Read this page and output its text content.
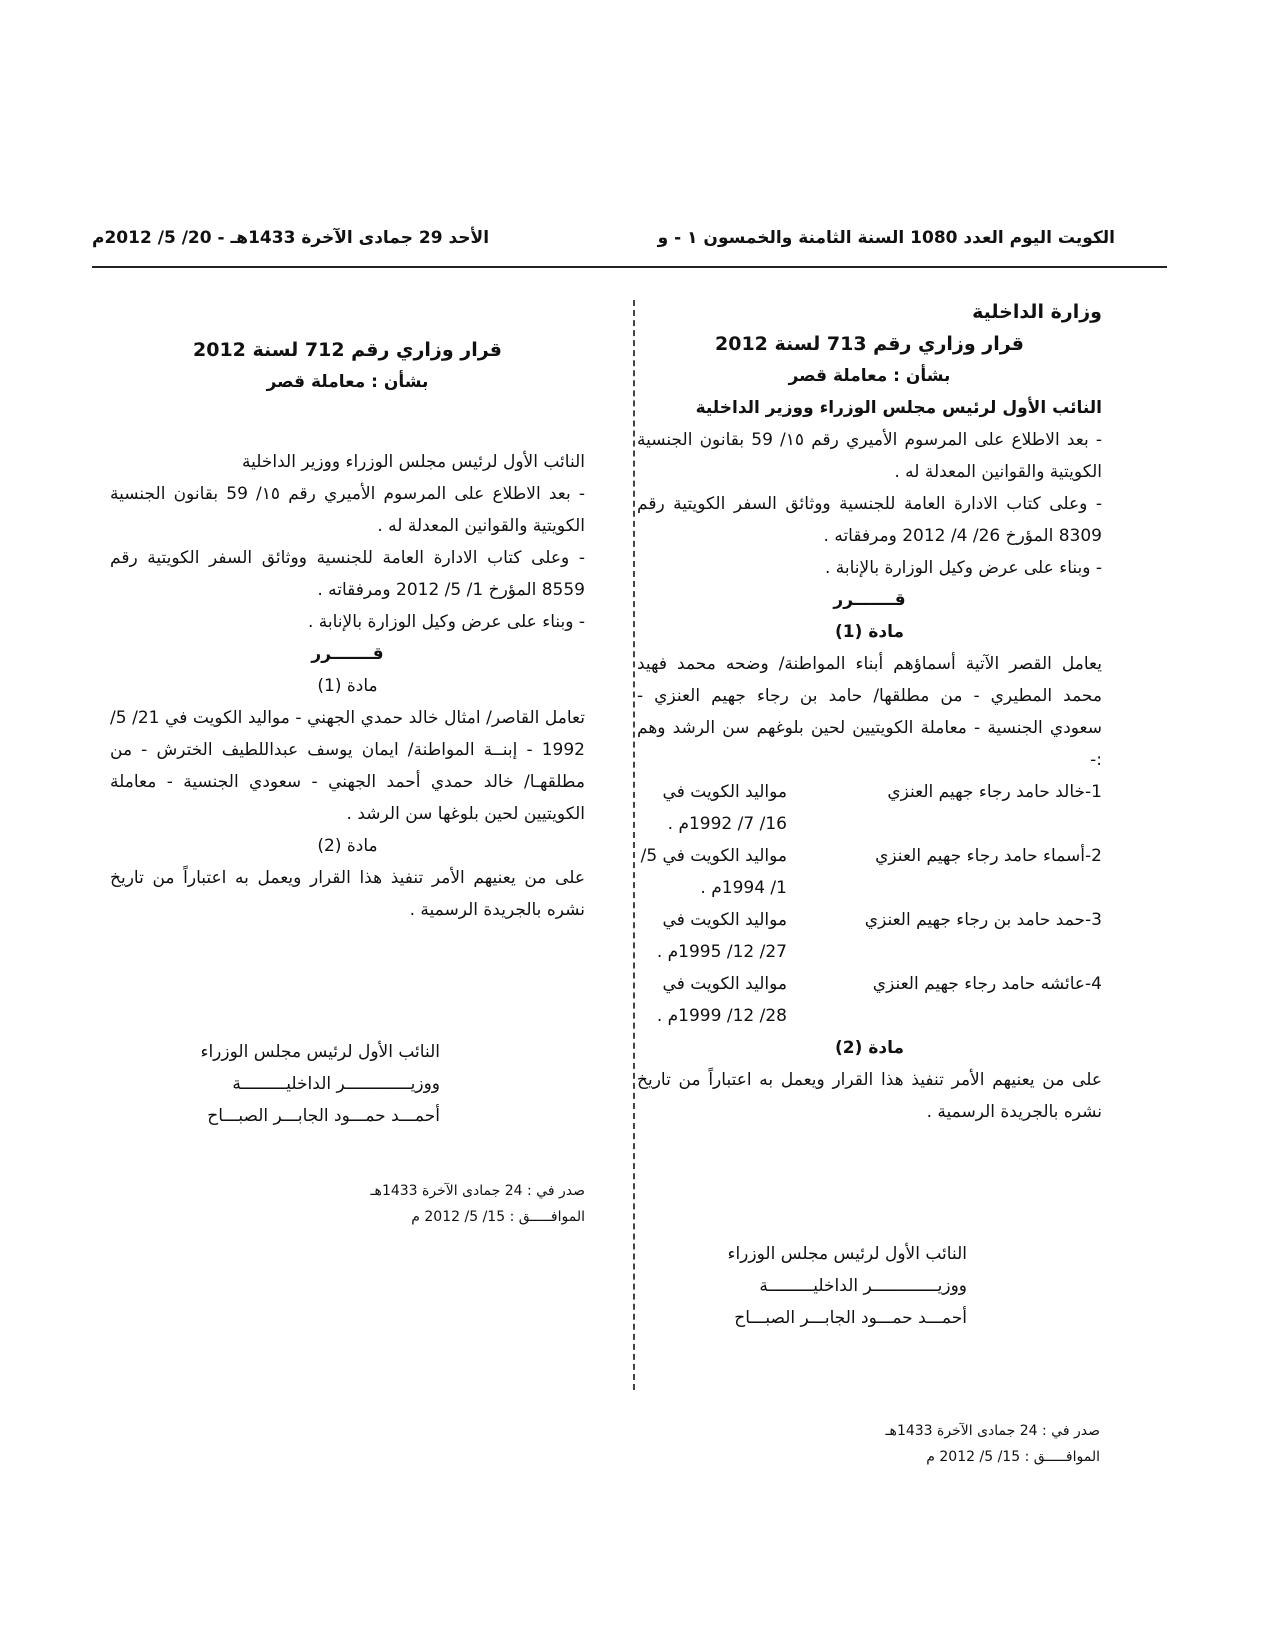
الكويت اليوم العدد 1080 السنة الثامنة والخمسون ١ - و
الأحد 29 جمادى الآخرة 1433هـ - 20/ 5/ 2012م

وزارة الداخلية

قرار وزاري رقم 713 لسنة 2012

بشأن : معاملة قصر

النائب الأول لرئيس مجلس الوزراء ووزير الداخلية

- بعد الاطلاع على المرسوم الأميري رقم ١٥/ 59 بقانون الجنسية الكويتية والقوانين المعدلة له .

- وعلى كتاب الادارة العامة للجنسية ووثائق السفر الكويتية رقم 8309 المؤرخ 26/ 4/ 2012 ومرفقاته .

- وبناء على عرض وكيل الوزارة بالإنابة .

قـــــــرر

مادة (1)

يعامل القصر الآتية أسماؤهم أبناء المواطنة/ وضحه محمد فهيد محمد المطيري - من مطلقها/ حامد بن رجاء جهيم العنزي - سعودي الجنسية - معاملة الكويتيين لحين بلوغهم سن الرشد وهم :-

1-خالد حامد رجاء جهيم العنزي
مواليد الكويت في 16/ 7/ 1992م .
2-أسماء حامد رجاء جهيم العنزي
مواليد الكويت في 5/ 1/ 1994م .
3-حمد حامد بن رجاء جهيم العنزي
مواليد الكويت في 27/ 12/ 1995م .
4-عائشه حامد رجاء جهيم العنزي
مواليد الكويت في 28/ 12/ 1999م .

مادة (2)

على من يعنيهم الأمر تنفيذ هذا القرار ويعمل به اعتباراً من تاريخ نشره بالجريدة الرسمية .

النائب الأول لرئيس مجلس الوزراء

ووزيـــــــــــــر الداخليـــــــــة

أحمـــد حمـــود الجابـــر الصبـــاح

صدر في : 24 جمادى الآخرة 1433هـ

الموافـــــق : 15/ 5/ 2012 م

قرار وزاري رقم 712 لسنة 2012

بشأن : معاملة قصر

النائب الأول لرئيس مجلس الوزراء ووزير الداخلية

- بعد الاطلاع على المرسوم الأميري رقم ١٥/ 59 بقانون الجنسية الكويتية والقوانين المعدلة له .

- وعلى كتاب الادارة العامة للجنسية ووثائق السفر الكويتية رقم 8559 المؤرخ 1/ 5/ 2012 ومرفقاته .

- وبناء على عرض وكيل الوزارة بالإنابة .

قـــــــرر

مادة (1)

تعامل القاصر/ امثال خالد حمدي الجهني - مواليد الكويت في 21/ 5/ 1992 - إبنــة المواطنة/ ايمان يوسف عبداللطيف الخترش - من مطلقهـا/ خالد حمدي أحمد الجهني - سعودي الجنسية - معاملة الكويتيين لحين بلوغها سن الرشد .

مادة (2)

على من يعنيهم الأمر تنفيذ هذا القرار ويعمل به اعتباراً من تاريخ نشره بالجريدة الرسمية .

النائب الأول لرئيس مجلس الوزراء

ووزيـــــــــــــر الداخليـــــــــة

أحمـــد حمـــود الجابـــر الصبـــاح

صدر في : 24 جمادى الآخرة 1433هـ

الموافـــــق : 15/ 5/ 2012 م
